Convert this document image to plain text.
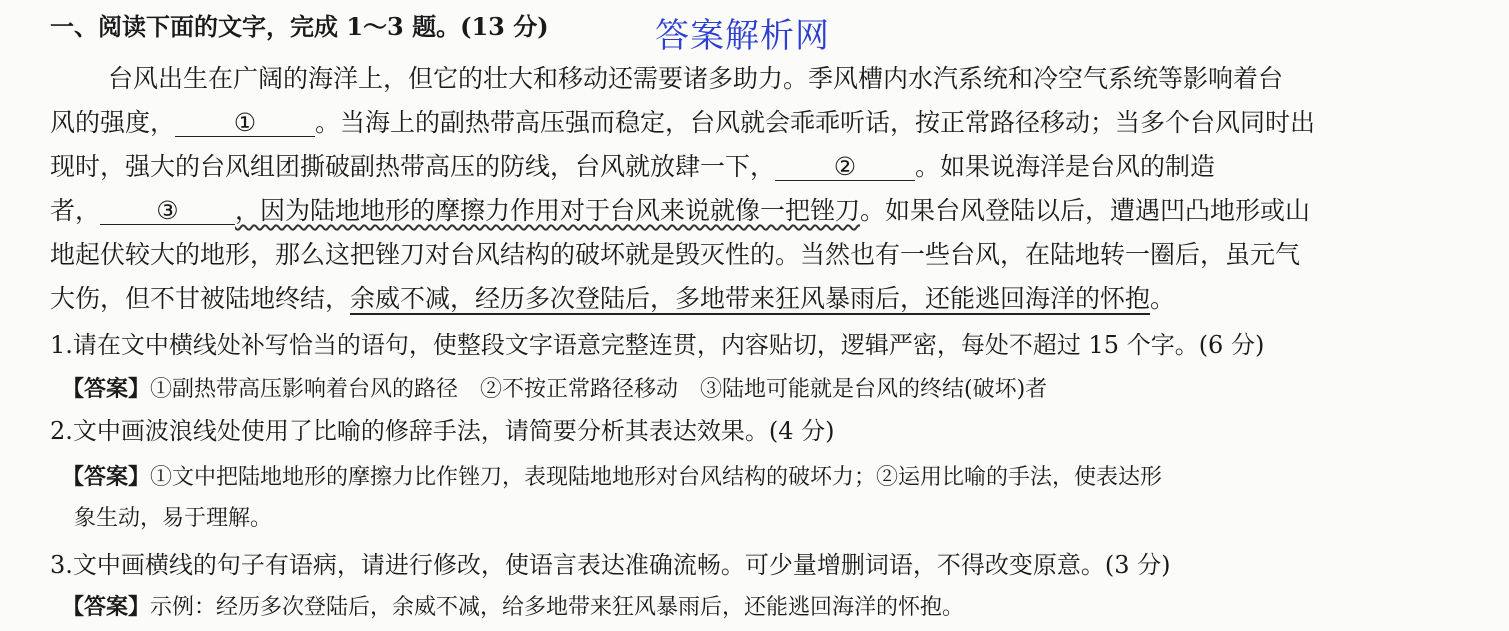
一、阅读下面的文字，完成 1～3 题。(13 分)	答案解析网
台风出生在广阔的海洋上，但它的壮大和移动还需要诸多助力。季风槽内水汽系统和冷空气系统等影响着台
风的强度， ① 。当海上的副热带高压强而稳定，台风就会乖乖听话，按正常路径移动；当多个台风同时出
现时，强大的台风组团撕破副热带高压的防线，台风就放肆一下， ② 。如果说海洋是台风的制造
者， ③ ，因为陆地地形的摩擦力作用对于台风来说就像一把锉刀。如果台风登陆以后，遭遇凹凸地形或山
地起伏较大的地形，那么这把锉刀对台风结构的破坏就是毁灭性的。当然也有一些台风，在陆地转一圈后，虽元气
大伤，但不甘被陆地终结，余威不减，经历多次登陆后，多地带来狂风暴雨后，还能逃回海洋的怀抱。
1.请在文中横线处补写恰当的语句，使整段文字语意完整连贯，内容贴切，逻辑严密，每处不超过 15 个字。(6 分)
【答案】①副热带高压影响着台风的路径　②不按正常路径移动　③陆地可能就是台风的终结(破坏)者
2.文中画波浪线处使用了比喻的修辞手法，请简要分析其表达效果。(4 分)
【答案】①文中把陆地地形的摩擦力比作锉刀，表现陆地地形对台风结构的破坏力；②运用比喻的手法，使表达形
象生动，易于理解。
3.文中画横线的句子有语病，请进行修改，使语言表达准确流畅。可少量增删词语，不得改变原意。(3 分)
【答案】示例：经历多次登陆后，余威不减，给多地带来狂风暴雨后，还能逃回海洋的怀抱。
